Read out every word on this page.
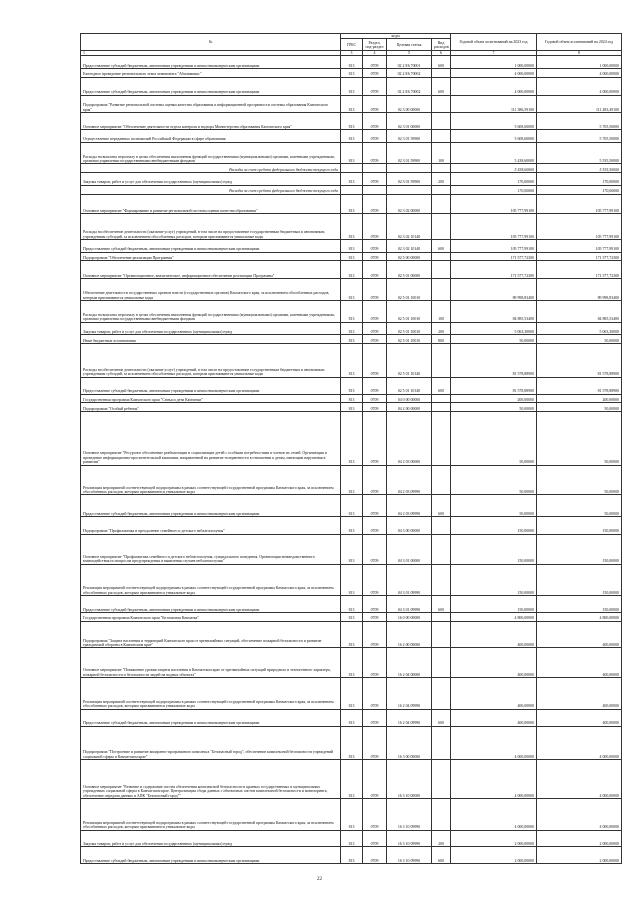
№	коды				Годовой объем ассигнований на 2023 год	Годовой объем ассигнований на 2024 год
	ГРБС	Раздел, под-раздел	Целевая статья	Вид расходов		
1	3	4	5	6	7	8
Предоставление субсидий бюджетным, автономным учреждениям и иным некоммерческим организациям	813	0709	02 2 E6 70001	600	1 000,00000	1 000,00000
Ежегодное проведение регионального этапа чемпионата "Абилимпикс"	813	0709	02 2 E6 70002		4 000,00000	4 000,00000
Предоставление субсидий бюджетным, автономным учреждениям и иным некоммерческим организациям	813	0709	02 2 E6 70002	600	4 000,00000	4 000,00000
Подпрограмма "Развитие региональной системы оценки качества образования и информационной прозрачности системы образования Камчатского края"	813	0709	02 3 00 00000		111 386,59100	111 483,49100
Основное мероприятие "Обеспечение деятельности отдела контроля и надзора Министерства образования Камчатского края"	813	0709	02 3 01 00000		5 608,60000	5 705,50000
Осуществление переданных полномочий Российской Федерации в сфере образования	813	0709	02 3 01 59900		5 608,60000	5 705,50000
Расходы на выплаты персоналу в целях обеспечения выполнения функций государственными (муниципальными) органами, казенными учреждениями, органами управления государственными внебюджетными фондами	813	0709	02 3 01 59900	100	5 438,60000	5 535,50000
Расходы за счет средств федерального бюджета текущего года					5 438,60000	5 535,50000
Закупка товаров, работ и услуг для обеспечения государственных (муниципальных) нужд	813	0709	02 3 01 59900	200	170,00000	170,00000
Расходы за счет средств федерального бюджета текущего года					170,00000	170,00000
Основное мероприятие "Формирование и развитие региональной системы оценки качества образования"	813	0709	02 3 02 00000		105 777,99100	105 777,99100
Расходы на обеспечение деятельности (оказание услуг) учреждений, в том числе на предоставление государственным бюджетным и автономным учреждениям субсидий, за исключением обособленных расходов, которым присваиваются уникальные коды	813	0709	02 3 02 10140		105 777,99100	105 777,99100
Предоставление субсидий бюджетным, автономным учреждениям и иным некоммерческим организациям	813	0709	02 3 02 10140	600	105 777,99100	105 777,99100
Подпрограмма "Обеспечение реализации Программы"	813	0709	02 5 00 00000		171 577,72300	171 577,72300
Основное мероприятие "Организационное, аналитическое, информационное обеспечение реализации Программы"	813	0709	02 5 01 00000		171 577,72300	171 577,72300
Обеспечение деятельности государственных органов власти (государственных органов) Камчатского края, за исключением обособленных расходов, которым присваиваются уникальные коды	813	0709	02 5 01 10010		89 998,83400	89 998,83400
Расходы на выплаты персоналу в целях обеспечения выполнения функций государственными (муниципальными) органами, казенными учреждениями, органами управления государственными внебюджетными фондами	813	0709	02 5 01 10010	100	84 885,53400	84 885,53400
Закупка товаров, работ и услуг для обеспечения государственных (муниципальных) нужд	813	0709	02 5 01 10010	200	5 063,30000	5 063,30000
Иные бюджетные ассигнования	813	0709	02 5 01 10010	800	50,00000	50,00000
Расходы на обеспечение деятельности (оказание услуг) учреждений, в том числе на предоставление государственным бюджетным и автономным учреждениям субсидий, за исключением обособленных расходов, которым присваиваются уникальные коды	813	0709	02 5 01 10140		81 578,88900	81 578,88900
Предоставление субсидий бюджетным, автономным учреждениям и иным некоммерческим организациям	813	0709	02 5 01 10140	600	81 578,88900	81 578,88900
Государственная программа Камчатского края "Семья и дети Камчатки"	813	0709	04 0 00 00000		200,00000	200,00000
Подпрограмма "Особый ребенок"	813	0709	04 2 00 00000		50,00000	50,00000
Основное мероприятие "Ресурсное обеспечение реабилитации и социализации детей с особыми потребностями и членов их семей. Организация и проведение информационно-просветительской кампании, направленной на развитие толерантности в отношении к детям, имеющим нарушения в развитии"	813	0709	04 2 03 00000		50,00000	50,00000
Реализация мероприятий соответствующей подпрограммы в рамках соответствующей государственной программы Камчатского края, за исключением обособленных расходов, которым присваиваются уникальные коды	813	0709	04 2 03 09990		50,00000	50,00000
Предоставление субсидий бюджетным, автономным учреждениям и иным некоммерческим организациям	813	0709	04 2 03 09990	600	50,00000	50,00000
Подпрограмма "Профилактика и преодоление семейного и детского неблагополучия"	813	0709	04 3 00 00000		150,00000	150,00000
Основное мероприятие "Профилактика семейного и детского неблагополучия, суицидального поведения. Организация межведомственного взаимодействия по вопросам предупреждения и выявления случаев неблагополучия"	813	0709	04 3 01 00000		150,00000	150,00000
Реализация мероприятий соответствующей подпрограммы в рамках соответствующей государственной программы Камчатского края, за исключением обособленных расходов, которым присваиваются уникальные коды	813	0709	04 3 01 09990		150,00000	150,00000
Предоставление субсидий бюджетным, автономным учреждениям и иным некоммерческим организациям	813	0709	04 3 01 09990	600	150,00000	150,00000
Государственная программа Камчатского края "Безопасная Камчатка"	813	0709	16 0 00 00000		4 800,00000	4 800,00000
Подпрограмма "Защита населения и территорий Камчатского края от чрезвычайных ситуаций, обеспечение пожарной безопасности и развитие гражданской обороны в Камчатском крае"	813	0709	16 2 00 00000		400,00000	400,00000
Основное мероприятие "Повышение уровня защиты населения в Камчатском крае от чрезвычайных ситуаций природного и техногенного характера, пожарной безопасности и безопасности людей на водных объектах"	813	0709	16 2 04 00000		400,00000	400,00000
Реализация мероприятий соответствующей подпрограммы в рамках соответствующей государственной программы Камчатского края, за исключением обособленных расходов, которым присваиваются уникальные коды	813	0709	16 2 04 09990		400,00000	400,00000
Предоставление субсидий бюджетным, автономным учреждениям и иным некоммерческим организациям	813	0709	16 2 04 09990	600	400,00000	400,00000
Подпрограмма "Построение и развитие аппаратно-программного комплекса "Безопасный город", обеспечение комплексной безопасности учреждений социальной сферы в Камчатском крае"	813	0709	16 3 00 00000		4 000,00000	4 000,00000
Основное мероприятие "Развитие и содержание систем обеспечения комплексной безопасности в краевых государственных и муниципальных учреждениях социальной сферы в Камчатском крае. Централизация сбора данных с объектовых систем комплексной безопасности и мониторинга, обеспечение передачи данных в АПК "Безопасный город""	813	0709	16 3 10 00000		4 000,00000	4 000,00000
Реализация мероприятий соответствующей подпрограммы в рамках соответствующей государственной программы Камчатского края, за исключением обособленных расходов, которым присваиваются уникальные коды	813	0709	16 3 10 09990		4 000,00000	4 000,00000
Закупка товаров, работ и услуг для обеспечения государственных (муниципальных) нужд	813	0709	16 3 10 09990	200	2 000,00000	2 000,00000
Предоставление субсидий бюджетным, автономным учреждениям и иным некоммерческим организациям	813	0709	16 3 10 09990	600	2 000,00000	2 000,00000
22
